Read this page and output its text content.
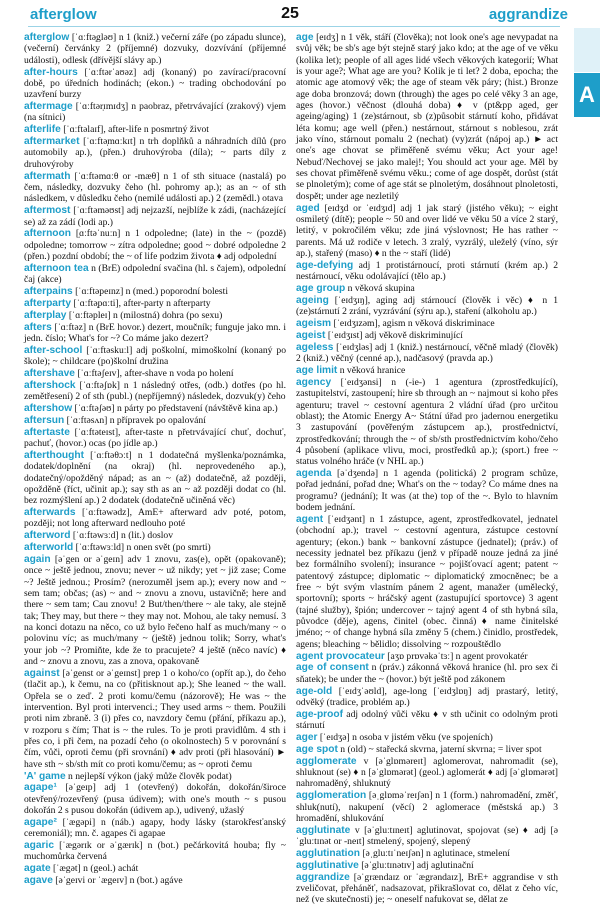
afterglow	25	aggrandize
A
afterglow [ˈɑːftə̩gləʊ] n 1 (kniž.) večerní záře (po západu slunce), (večerní) červánky 2 (příjemné) dozvuky, dozvívání (příjemné události), odlesk (dřívější slávy ap.)
after-hours [ˈɑːftərˈaʊəz] adj (konaný) po zavírací/pracovní době, po úředních hodinách; (ekon.) ~ trading obchodování po uzavření burzy
aftermage [ˈɑːftər̩ɪmɪdʒ] n paobraz, přetrvávající (zrakový) vjem (na sítnici)
afterlife [ˈɑːftəlaɪf], after-life n posmrtný život
aftermarket [ˈɑːftə̩mɑːkɪt] n trh doplňků a náhradních dílů (pro automobily ap.), (přen.) druhovýroba (díla); ~ parts díly z druhovýroby
aftermath [ˈɑːftəmɑːθ or -mæθ] n 1 of sth situace (nastalá) po čem, následky, dozvuky čeho (hl. pohromy ap.); as an ~ of sth následkem, v důsledku čeho (nemilé události ap.) 2 (zemědl.) otava
aftermost [ˈɑːftəməʊst] adj nejzazší, nejblíže k zádi, (nacházející se) až za zádí (lodi ap.)
afternoon [̩ɑːftəˈnuːn] n 1 odpoledne; (late) in the ~ (pozdě) odpoledne; tomorrow ~ zítra odpoledne; good ~ dobré odpoledne 2 (přen.) pozdní období; the ~ of life podzim života ♦ adj odpolední
afternoon tea n (BrE) odpolední svačina (hl. s čajem), odpolední čaj (akce)
afterpains [ˈɑːftəpeɪnz] n (med.) poporodní bolesti
afterparty [ˈɑːftə̩pɑːti], after-party n afterparty
afterplay [ˈɑːftəpleɪ] n (milostná) dohra (po sexu)
afters [ˈɑːftəz] n (BrE hovor.) dezert, moučník; funguje jako mn. i jedn. číslo; What's for ~? Co máme jako dezert?
after-school [ˈɑːftəskuːl] adj poškolní, mimoškolní (konaný po škole); ~ childcare (po)školní družina
aftershave [ˈɑːftəʃeɪv], after-shave n voda po holení
aftershock [ˈɑːftəʃɒk] n 1 následný otřes, (odb.) dotřes (po hl. zemětřesení) 2 of sth (publ.) (nepříjemný) následek, dozvuk(y) čeho
aftershow [ˈɑːftəʃəʊ] n párty po představení (návštěvě kina ap.)
aftersun [ˈɑːftəsʌn] n přípravek po opalování
aftertaste [ˈɑːftəteɪst], after-taste n přetrvávající chuť, dochuť, pachuť, (hovor.) ocas (po jídle ap.)
afterthought [ˈɑːftəθɔːt] n 1 dodatečná myšlenka/poznámka, dodatek/doplnění (na okraj) (hl. neprovedeného ap.), dodatečný/opožděný nápad; as an ~ (až) dodatečně, až později, opožděně (říct, učinit ap.); say sth as an ~ až později dodat co (hl. bez rozmýšlení ap.) 2 dodatek (dodatečně učiněná věc)
afterwards [ˈɑːftəwədz], AmE+ afterward adv poté, potom, později; not long afterward nedlouho poté
afterword [ˈɑːftəwɜːd] n (lit.) doslov
afterworld [ˈɑːftəwɜːld] n onen svět (po smrti)
again [əˈgen or əˈgeɪn] adv 1 znovu, zas(e), opět (opakovaně); once ~ ještě jednou, znovu; never ~ už nikdy; yet ~ již zase; Come ~? Ještě jednou.; Prosím? (nerozuměl jsem ap.); every now and ~ sem tam; občas; (as) ~ and ~ znovu a znovu, ustavičně; here and there ~ sem tam; Cau znovu! 2 But/then/there ~ ale taky, ale stejně tak; They may, but there ~ they may not. Mohou, ale taky nemusí. 3 na konci dotazu na něco, co už bylo řečeno half as much/many ~ o polovinu víc; as much/many ~ (ještě) jednou tolik; Sorry, what's your job ~? Promiňte, kde že to pracujete? 4 ještě (něco navíc) ♦ and ~ znovu a znovu, zas a znova, opakovaně
against [əˈgenst or əˈgeɪnst] prep 1 o koho/co (opřít ap.), do čeho (tlačit ap.), k čemu, na co (přitisknout ap.); She leaned ~ the wall. Opřela se o zeď. 2 proti komu/čemu (názorově); He was ~ the intervention. Byl proti intervenci.; They used arms ~ them. Použili proti nim zbraně. 3 (i) přes co, navzdory čemu (přání, příkazu ap.), v rozporu s čím; That is ~ the rules. To je proti pravidlům. 4 sth i přes co, i při čem, na pozadí čeho (o okolnostech) 5 v porovnání s čím, vůči, oproti čemu (při srovnání) ♦ adv proti (při hlasování) ► have sth ~ sb/sth mít co proti komu/čemu; as ~ oproti čemu
'A' game n nejlepší výkon (jaký může člověk podat)
agape¹ [əˈgeɪp] adj 1 (otevřený) dokořán, dokořán/široce otevřený/rozevřený (pusa údivem); with one's mouth ~ s pusou dokořán 2 s pusou dokořán (údivem ap.), udivený, užaslý
agape² [ˈægəpi] n (náb.) agapy, hody lásky (starokřesťanský ceremoniál); mn. č. agapes či agapae
agaric [ˈægərɪk or əˈgærɪk] n (bot.) pečárkovitá houba; fly ~ muchomůrka červená
agate [ˈægət] n (geol.) achát
agave [əˈgeɪvi or ˈægeɪv] n (bot.) agáve
age [eɪdʒ] n 1 věk, stáří (člověka); not look one's age nevypadat na svůj věk; be sb's age být stejně starý jako kdo; at the age of ve věku (kolika let); people of all ages lidé všech věkových kategorií; What is your age?; What age are you? Kolik je ti let? 2 doba, epocha; the atomic age atomový věk; the age of steam věk páry; (hist.) Bronze age doba bronzová; down (through) the ages po celé věky 3 an age, ages (hovor.) věčnost (dlouhá doba) ♦ v (pt&pp aged, ger ageing/aging) 1 (ze)stárnout, sb (z)působit stárnutí koho, přidávat léta komu; age well (přen.) nestárnout, stárnout s noblesou, zrát jako víno, stárnout pomalu 2 (nechat) (vy)zrát (nápoj ap.) ► act one's age chovat se přiměřeně svému věku; Act your age! Nebuď/Nechovej se jako malej!; You should act your age. Měl by ses chovat přiměřeně svému věku.; come of age dospět, dorůst (stát se plnoletým); come of age stát se plnoletým, dosáhnout plnoletosti, dospět; under age nezletilý
aged [eɪdʒd or ˈeɪdʒɪd] adj 1 jak starý (jistého věku); ~ eight osmiletý (dítě); people ~ 50 and over lidé ve věku 50 a více 2 starý, letitý, v pokročilém věku; zde jiná výslovnost; He has rather ~ parents. Má už rodiče v letech. 3 zralý, vyzrálý, uleželý (víno, sýr ap.), stařený (maso) ♦ n the ~ staří (lidé)
age-defying adj 1 protistárnoucí, proti stárnutí (krém ap.) 2 nestárnoucí, věku odolávající (tělo ap.)
age group n věková skupina
ageing [ˈeɪdʒɪŋ], aging adj stárnoucí (člověk i věc) ♦ n 1 (ze)stárnutí 2 zrání, vyzrávání (sýru ap.), staření (alkoholu ap.)
ageism [ˈeɪdʒɪzəm], agism n věková diskriminace
ageist [ˈeɪdʒɪst] adj věkově diskriminující
ageless [ˈeɪdʒləs] adj 1 (kniž.) nestárnoucí, věčně mladý (člověk) 2 (kniž.) věčný (cenné ap.), nadčasový (pravda ap.)
age limit n věková hranice
agency [ˈeɪdʒənsi] n (-ie-) 1 agentura (zprostředkující), zastupitelství, zastoupení; hire sb through an ~ najmout si koho přes agenturu; travel ~ cestovní agentura 2 vládní úřad (pro určitou oblast); the Atomic Energy A~ Státní úřad pro jadernou energetiku 3 zastupování (pověřeným zástupcem ap.), prostřednictví, zprostředkování; through the ~ of sb/sth prostřednictvím koho/čeho 4 působení (aplikace vlivu, moci, prostředků ap.); (sport.) free ~ status volného hráče (v NHL ap.)
agenda [əˈdʒendə] n 1 agenda (politická) 2 program schůze, pořad jednání, pořad dne; What's on the ~ today? Co máme dnes na programu? (jednání); It was (at the) top of the ~. Bylo to hlavním bodem jednání.
agent [ˈeɪdʒənt] n 1 zástupce, agent, zprostředkovatel, jednatel (obchodní ap.); travel ~ cestovní agentura, zástupce cestovní agentury; (ekon.) bank ~ bankovní zástupce (jednatel); (práv.) of necessity jednatel bez příkazu (jenž v případě nouze jedná za jiné bez formálního svolení); insurance ~ pojišťovací agent; patent ~ patentový zástupce; diplomatic ~ diplomatický zmocněnec; be a free ~ být svým vlastním pánem 2 agent, manažer (umělecký, sportovní); sports ~ hráčský agent (zastupující sportovce) 3 agent (tajné služby), špión; undercover ~ tajný agent 4 of sth hybná síla, původce (děje), agens, činitel (obec. činná) ♦ name činitelské jméno; ~ of change hybná síla změny 5 (chem.) činidlo, prostředek, agens; bleaching ~ bělidlo; dissolving ~ rozpouštědlo
agent provocateur [aʒɒ prɒvəkəˈtɜː] n agent provokatér
age of consent n (práv.) zákonná věková hranice (hl. pro sex či sňatek); be under the ~ (hovor.) být ještě pod zákonem
age-old [ˈeɪdʒˈəʊld], age-long [ˈeɪdʒlɒŋ] adj prastarý, letitý, odvěký (tradice, problém ap.)
age-proof adj odolný vůči věku ♦ v sth učinit co odolným proti stárnutí
ager [ˈeɪdʒə] n osoba v jistém věku (ve spojeních)
age spot n (old) ~ stařecká skvrna, jaterní skvrna; = liver spot
agglomerate v [əˈglɒməreɪt] aglomerovat, nahromadit (se), shluknout (se) ♦ n [əˈglɒmərət] (geol.) aglomerát ♦ adj [əˈglɒmərət] nahromaděný, shluknutý
agglomeration [əˌglɒməˈreɪʃən] n 1 (form.) nahromadění, změť, shluk(nutí), nakupení (věcí) 2 aglomerace (městská ap.) 3 hromadění, shlukování
agglutinate v [əˈgluːtɪneɪt] aglutinovat, spojovat (se) ♦ adj [əˈgluːtɪnət or -neɪt] stmelený, spojený, slepený
agglutination [əˌgluːtɪˈneɪʃən] n aglutinace, stmelení
agglutinative [əˈgluːtɪnətɪv] adj aglutinační
aggrandize [əˈgrændaɪz or ˈægrəndaɪz], BrE+ aggrandise v sth zveličovat, přeháněť, nadsazovat, přikrašlovat co, dělat z čeho víc, než (ve skutečnosti) je; ~ oneself nafukovat se, dělat ze
